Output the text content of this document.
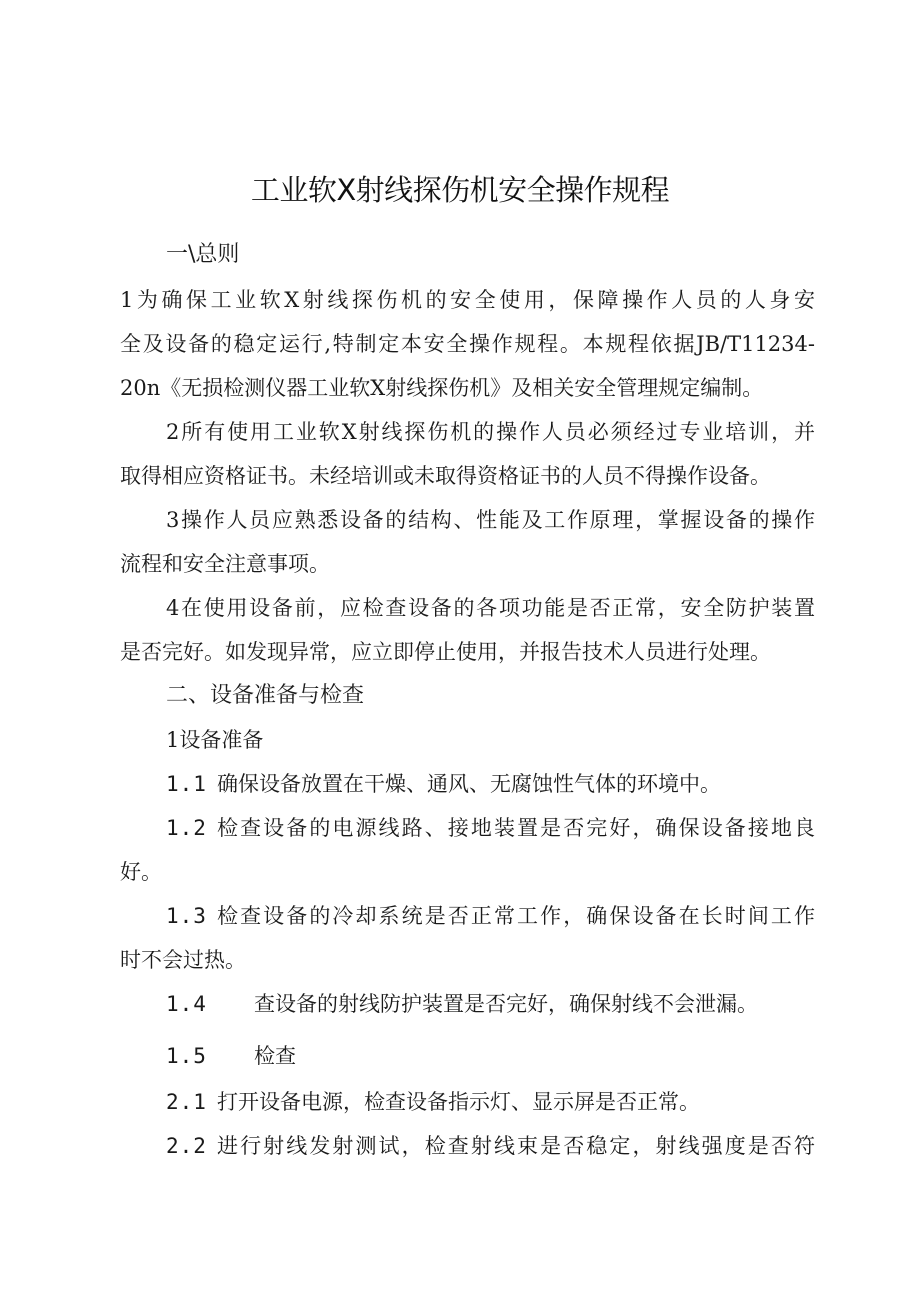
工业软X射线探伤机安全操作规程
一\总则
1为确保工业软X射线探伤机的安全使用，保障操作人员的人身安
全及设备的稳定运行,特制定本安全操作规程。本规程依据JB/T11234-
20n《无损检测仪器工业软X射线探伤机》及相关安全管理规定编制。
2所有使用工业软X射线探伤机的操作人员必须经过专业培训，并
取得相应资格证书。未经培训或未取得资格证书的人员不得操作设备。
3操作人员应熟悉设备的结构、性能及工作原理，掌握设备的操作
流程和安全注意事项。
4在使用设备前，应检查设备的各项功能是否正常，安全防护装置
是否完好。如发现异常，应立即停止使用，并报告技术人员进行处理。
二、设备准备与检查
1设备准备
1.1 确保设备放置在干燥、通风、无腐蚀性气体的环境中。
1.2 检查设备的电源线路、接地装置是否完好，确保设备接地良
好。
1.3 检查设备的冷却系统是否正常工作，确保设备在长时间工作
时不会过热。
1.4 查设备的射线防护装置是否完好，确保射线不会泄漏。
1.5 检查
2.1 打开设备电源，检查设备指示灯、显示屏是否正常。
2.2 进行射线发射测试，检查射线束是否稳定，射线强度是否符
